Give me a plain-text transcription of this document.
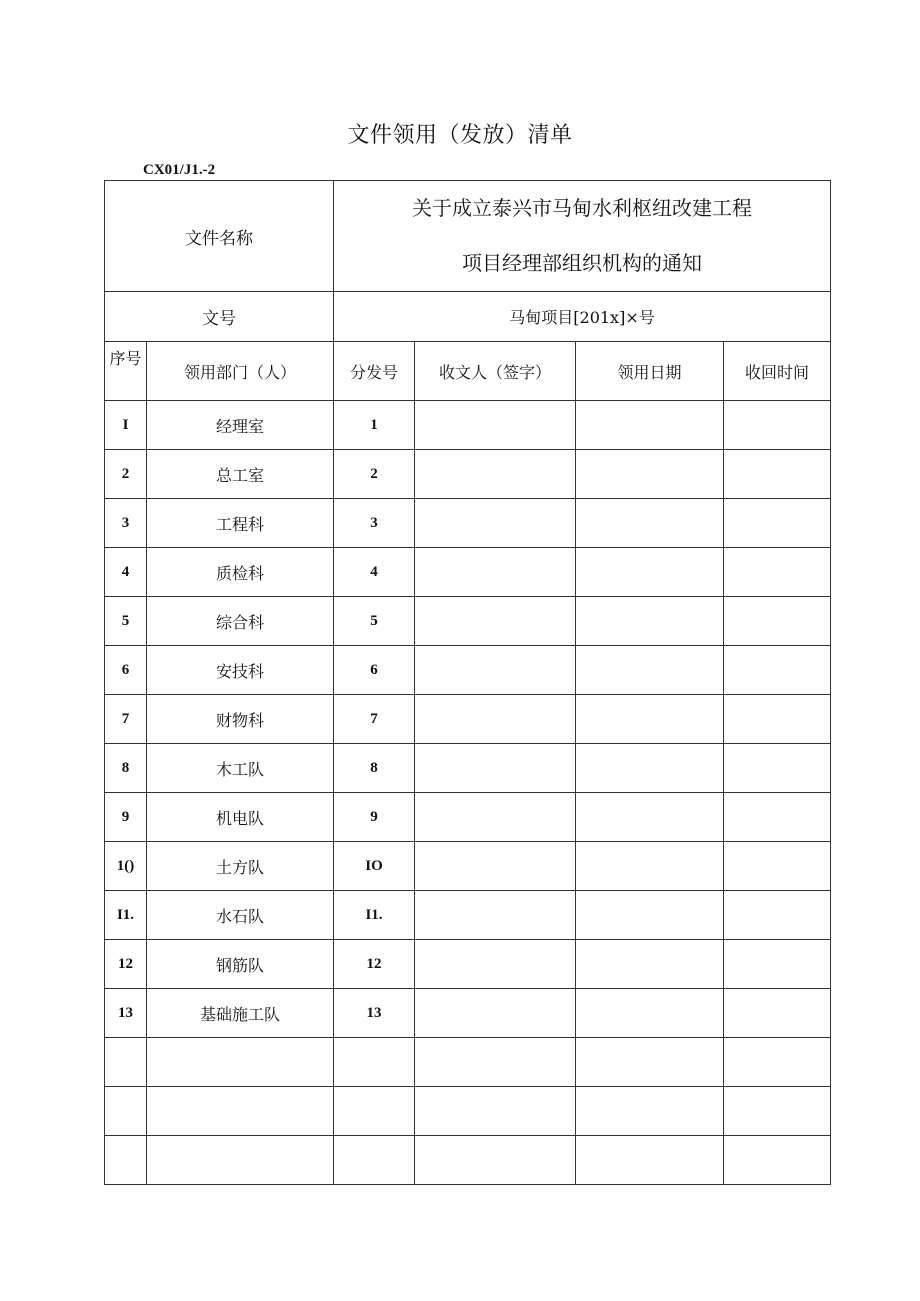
文件领用（发放）清单
CX01/J1.-2
文件名称		关于成立泰兴市马甸水利枢纽改建工程
项目经理部组织机构的通知			

文号		马甸项目[201x]×号			
序号	领用部门（人）	分发号	收文人（签字）	领用日期	收回时间
I	经理室	1			
2	总工室	2			
3	工程科	3			
4	质检科	4			
5	综合科	5			
6	安技科	6			
7	财物科	7			
8	木工队	8			
9	机电队	9			
1()	土方队	IO			
I1.	水石队	I1.			
12	钢筋队	12			
13	基础施工队	13			
